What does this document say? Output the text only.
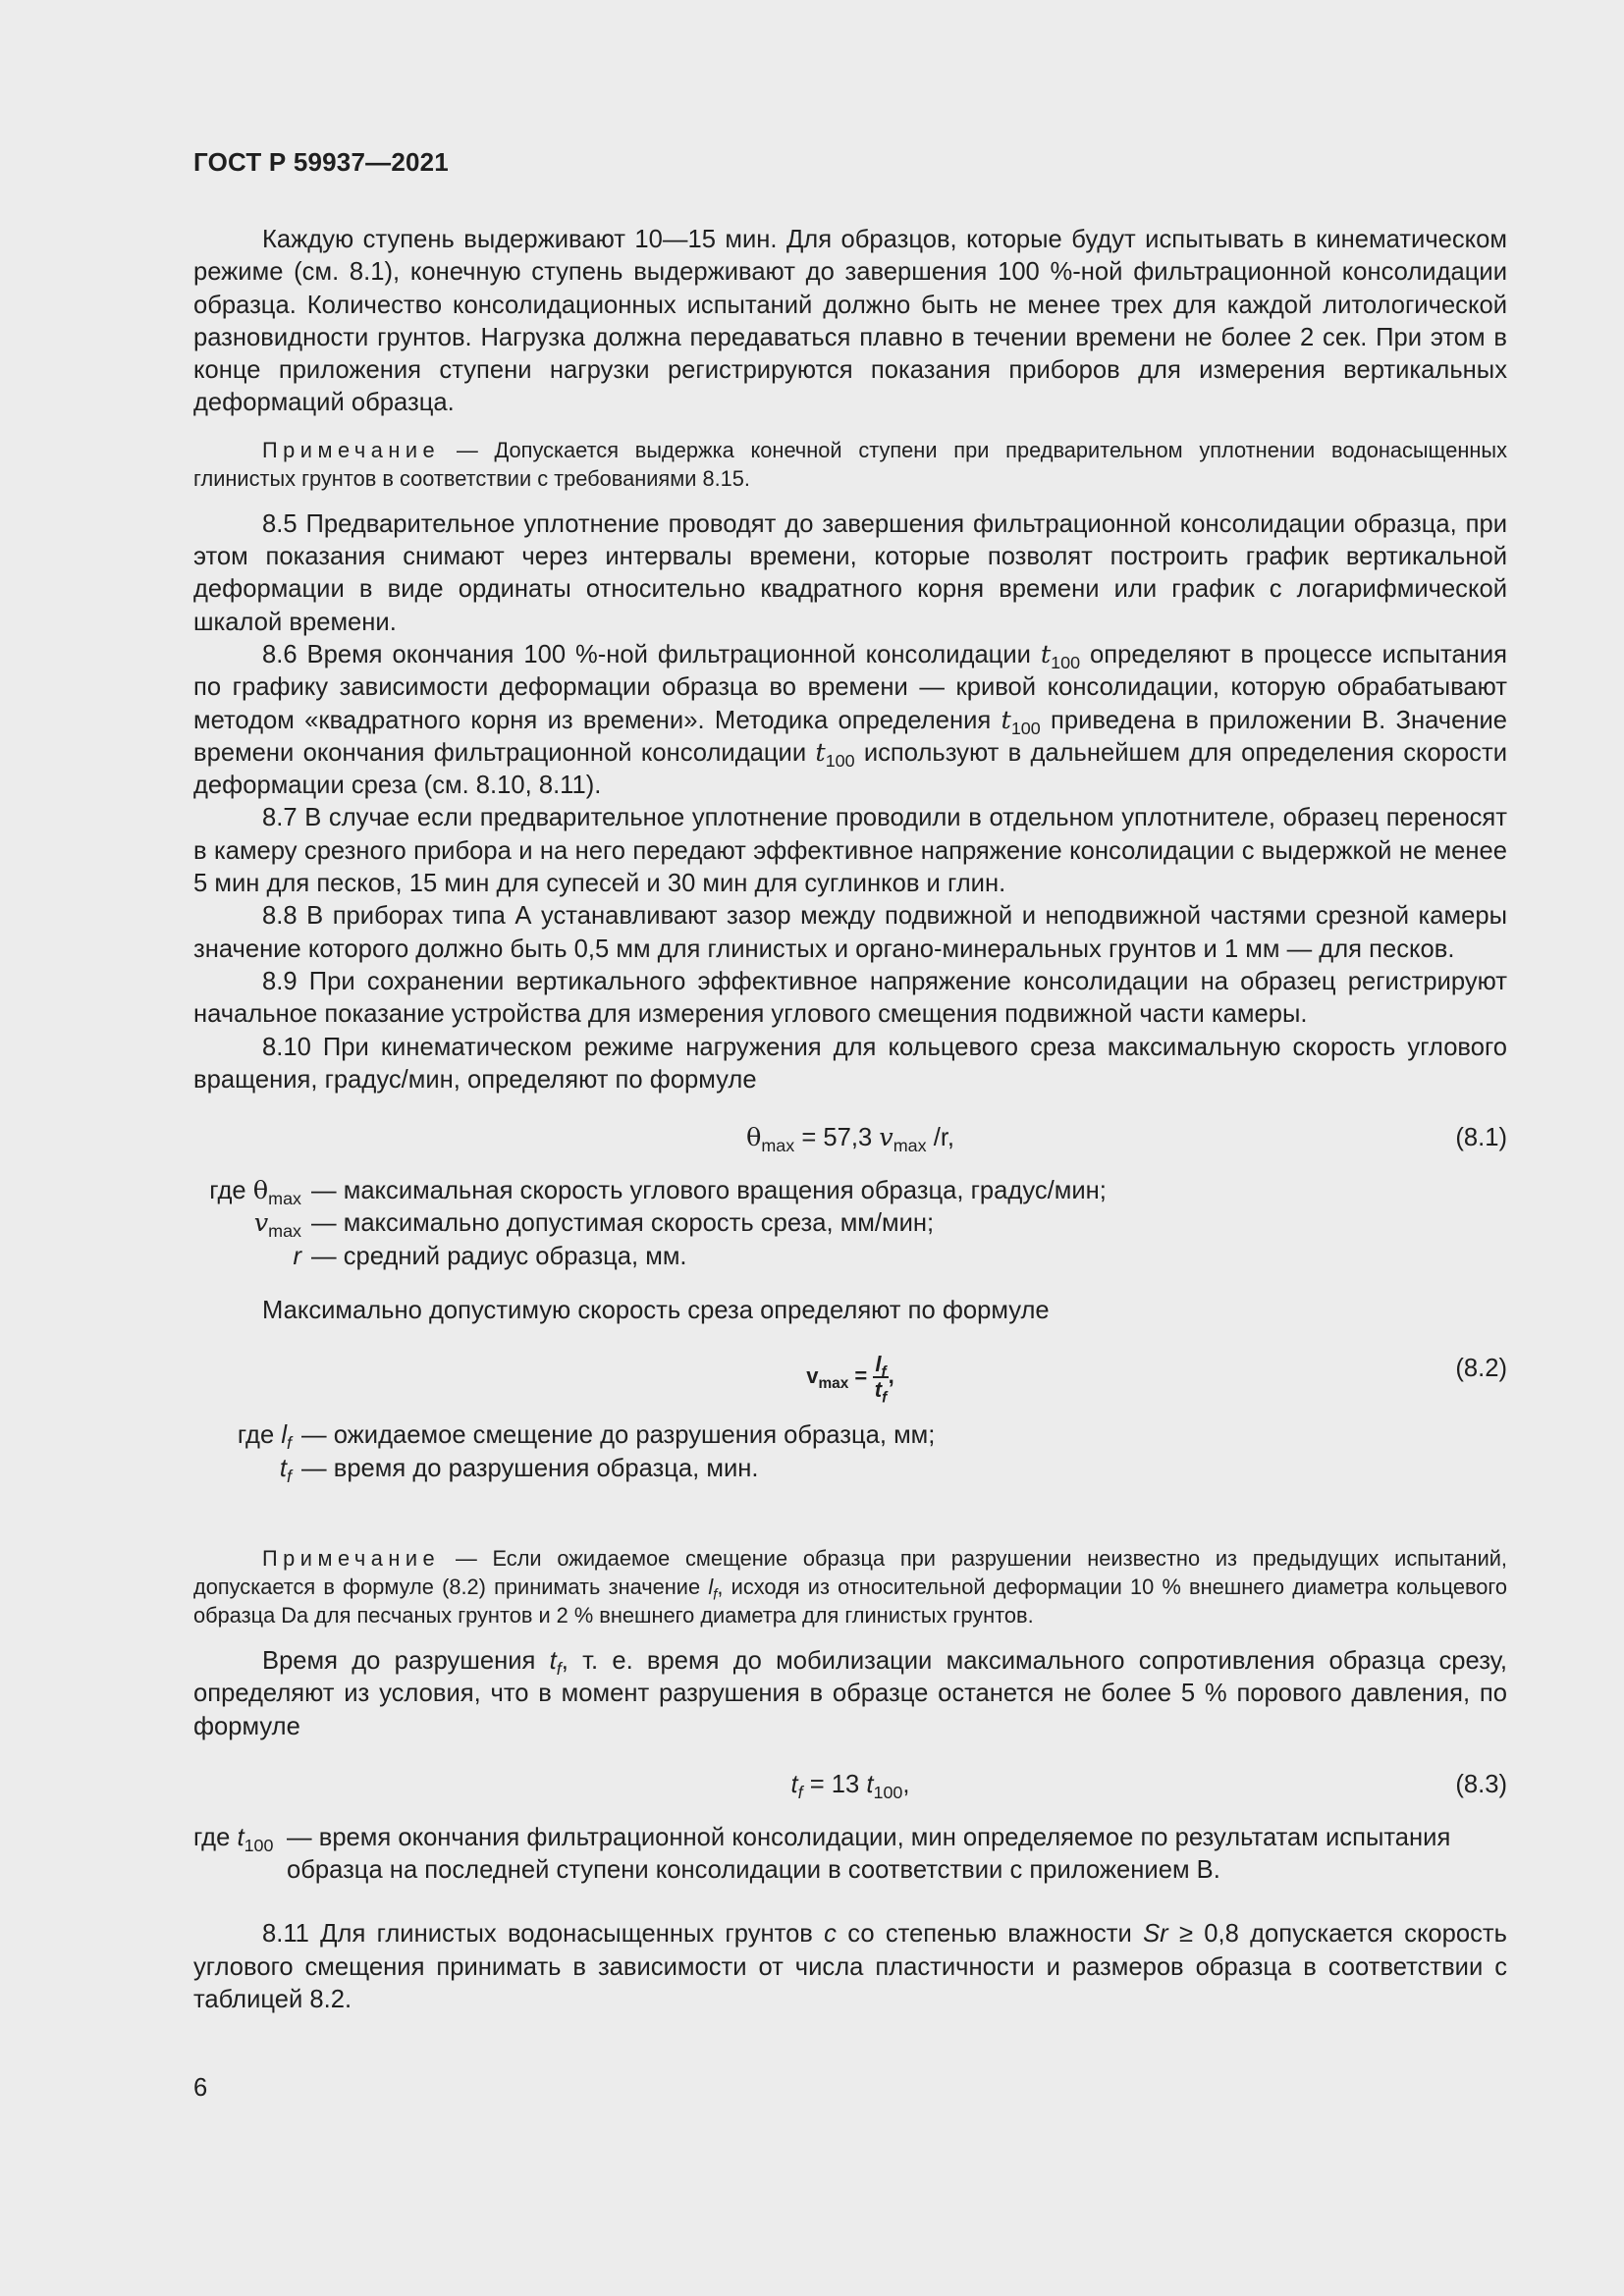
ГОСТ Р 59937—2021

Каждую ступень выдерживают 10—15 мин. Для образцов, которые будут испытывать в кинематическом режиме (см. 8.1), конечную ступень выдерживают до завершения 100 %-ной фильтрационной консолидации образца. Количество консолидационных испытаний должно быть не менее трех для каждой литологической разновидности грунтов. Нагрузка должна передаваться плавно в течении времени не более 2 сек. При этом в конце приложения ступени нагрузки регистрируются показания приборов для измерения вертикальных деформаций образца.

Примечание — Допускается выдержка конечной ступени при предварительном уплотнении водонасыщенных глинистых грунтов в соответствии с требованиями 8.15.

8.5 Предварительное уплотнение проводят до завершения фильтрационной консолидации образца, при этом показания снимают через интервалы времени, которые позволят построить график вертикальной деформации в виде ординаты относительно квадратного корня времени или график с логарифмической шкалой времени.

8.6 Время окончания 100 %-ной фильтрационной консолидации $t_{100}$ определяют в процессе испытания по графику зависимости деформации образца во времени — кривой консолидации, которую обрабатывают методом «квадратного корня из времени». Методика определения $t_{100}$ приведена в приложении В. Значение времени окончания фильтрационной консолидации $t_{100}$ используют в дальнейшем для определения скорости деформации среза (см. 8.10, 8.11).

8.7 В случае если предварительное уплотнение проводили в отдельном уплотнителе, образец переносят в камеру срезного прибора и на него передают эффективное напряжение консолидации с выдержкой не менее 5 мин для песков, 15 мин для супесей и 30 мин для суглинков и глин.

8.8 В приборах типа А устанавливают зазор между подвижной и неподвижной частями срезной камеры значение которого должно быть 0,5 мм для глинистых и органо-минеральных грунтов и 1 мм — для песков.

8.9 При сохранении вертикального эффективное напряжение консолидации на образец регистрируют начальное показание устройства для измерения углового смещения подвижной части камеры.

8.10 При кинематическом режиме нагружения для кольцевого среза максимальную скорость углового вращения, градус/мин, определяют по формуле

$\theta_{max} = 57,3$ $v_{max}$ /r,	(8.1)
где $\theta_{max}$ — максимальная скорость углового вращения образца, градус/мин;
$v_{max}$ — максимально допустимая скорость среза, мм/мин;
r — средний радиус образца, мм.

Максимально допустимую скорость среза определяют по формуле

$v_{max} = \frac{l_f}{t_f}$ ,	(8.2)
где $l_f$ — ожидаемое смещение до разрушения образца, мм;
$t_f$ — время до разрушения образца, мин.

Примечание — Если ожидаемое смещение образца при разрушении неизвестно из предыдущих испытаний, допускается в формуле (8.2) принимать значение $l_f$, исходя из относительной деформации 10 % внешнего диаметра кольцевого образца Da для песчаных грунтов и 2 % внешнего диаметра для глинистых грунтов.

Время до разрушения $t_f$, т. е. время до мобилизации максимального сопротивления образца срезу, определяют из условия, что в момент разрушения в образце останется не более 5 % порового давления, по формуле

$t_f = 13$ $t_{100}$,	(8.3)
где $t_{100}$ — время окончания фильтрационной консолидации, мин определяемое по результатам испытания образца на последней ступени консолидации в соответствии с приложением В.

8.11 Для глинистых водонасыщенных грунтов c со степенью влажности Sr ≥ 0,8 допускается скорость углового смещения принимать в зависимости от числа пластичности и размеров образца в соответствии с таблицей 8.2.

6
